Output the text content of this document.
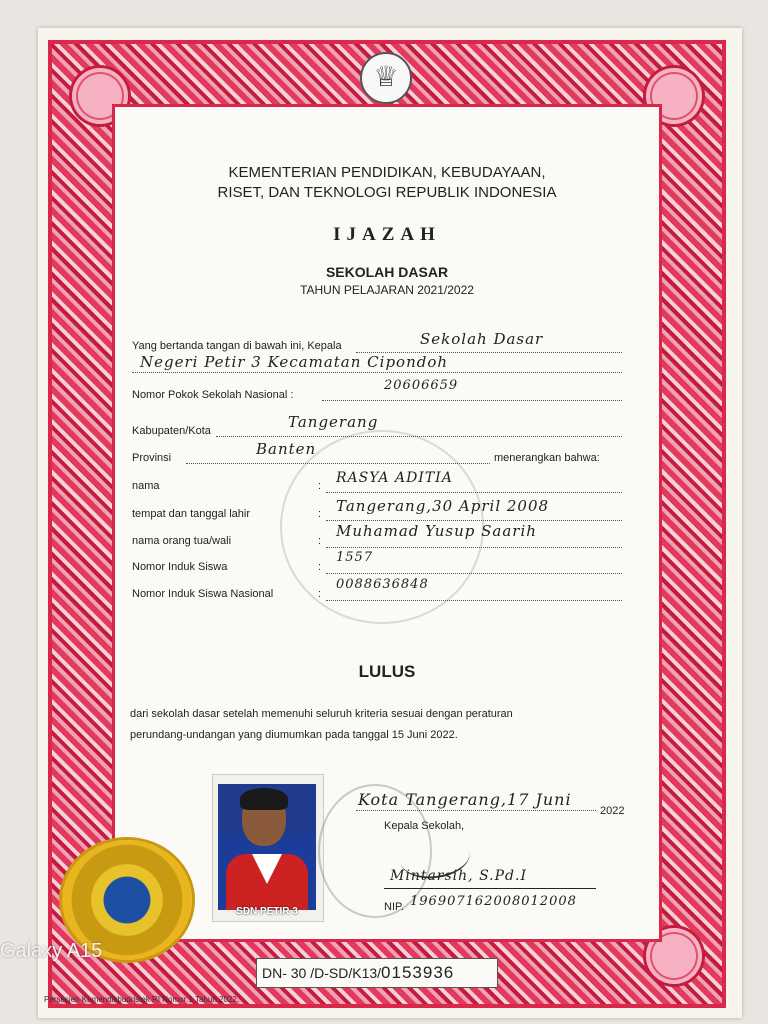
♕
KEMENTERIAN PENDIDIKAN, KEBUDAYAAN,
RISET, DAN TEKNOLOGI REPUBLIK INDONESIA
IJAZAH
SEKOLAH DASAR
TAHUN PELAJARAN 2021/2022
Yang bertanda tangan di bawah ini, Kepala	Sekolah Dasar
Negeri Petir 3 Kecamatan Cipondoh
Nomor Pokok Sekolah Nasional :
20606659
Kabupaten/Kota	Tangerang
Provinsi	Banten	menerangkan bahwa:
nama	: RASYA ADITIA
tempat dan tanggal lahir	: Tangerang,30 April 2008
nama orang tua/wali	:
Muhamad Yusup Saarih
Nomor Induk Siswa	:
1557
Nomor Induk Siswa Nasional	:
0088636848
LULUS
dari sekolah dasar setelah memenuhi seluruh kriteria sesuai dengan peraturan
perundang-undangan yang diumumkan pada tanggal 15 Juni 2022.
SDN PETIR 3
Kota Tangerang,17 Juni
2022
Kepala Sekolah,
Mintarsih, S.Pd.I
NIP. 196907162008012008
DN- 30 /D-SD/K13/0153936
Persesjen Kemendikbudristek RI Nomor 1 Tahun 2022.
Galaxy A15
